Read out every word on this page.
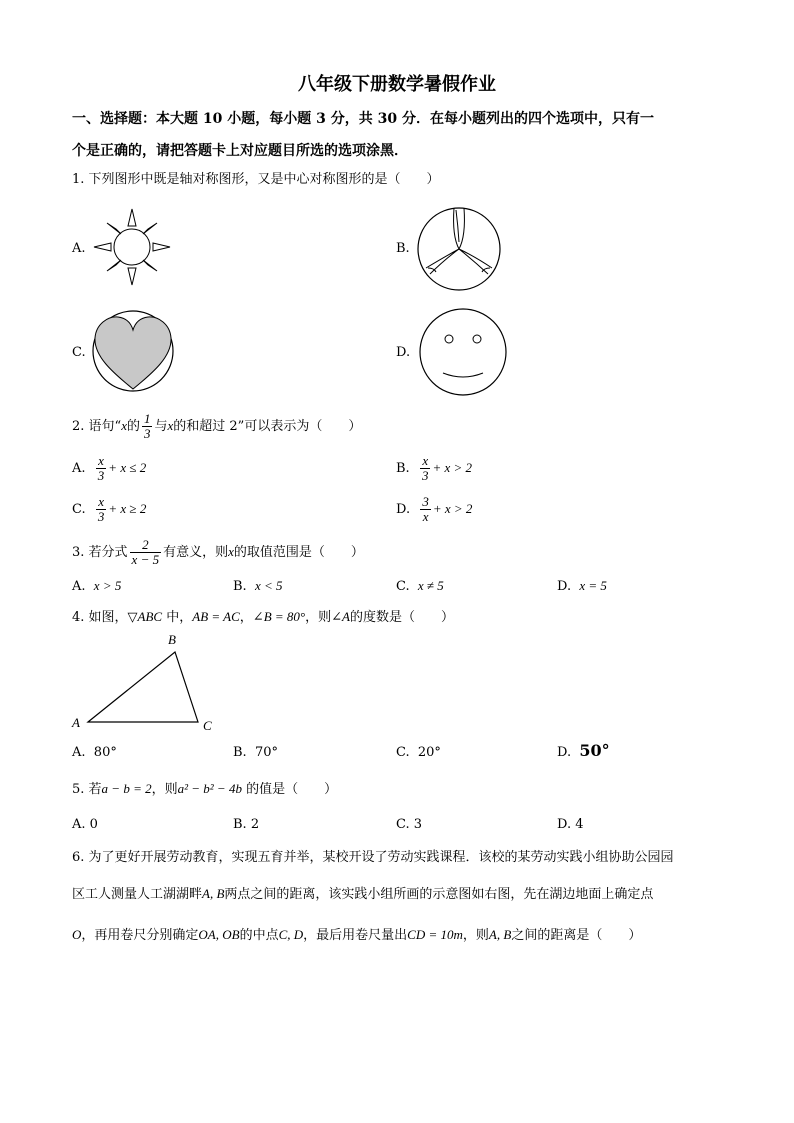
八年级下册数学暑假作业
一、选择题：本大题 10 小题，每小题 3 分，共 30 分．在每小题列出的四个选项中，只有一
个是正确的，请把答题卡上对应题目所选的选项涂黑．
1. 下列图形中既是轴对称图形，又是中心对称图形的是（　　）
A.	B.
C.	D.
2. 语句“x的 $\frac{1}{3}$ 与x的和超过 2”可以表示为（　　）
A. $\frac{x}{3} + x \le 2$	B. $\frac{x}{3} + x > 2$
C. $\frac{x}{3} + x \ge 2$	D. $\frac{3}{x} + x > 2$
3. 若分式 $\frac{2}{x - 5}$ 有意义，则x的取值范围是（　　）
A. x > 5	B. x < 5	C. x ≠ 5	D. x = 5
4. 如图，▽ABC 中，AB = AC，∠B = 80°，则∠A的度数是（　　）
B
A	C
A. 80°	B. 70°	C. 20°	D. 50°
5. 若a − b = 2，则a² − b² − 4b 的值是（　　）
A. 0	B. 2	C. 3	D. 4
6. 为了更好开展劳动教育，实现五育并举，某校开设了劳动实践课程．该校的某劳动实践小组协助公园园
区工人测量人工湖湖畔A, B两点之间的距离，该实践小组所画的示意图如右图，先在湖边地面上确定点
O，再用卷尺分别确定OA, OB的中点C, D，最后用卷尺量出CD = 10m，则A, B之间的距离是（　　）
